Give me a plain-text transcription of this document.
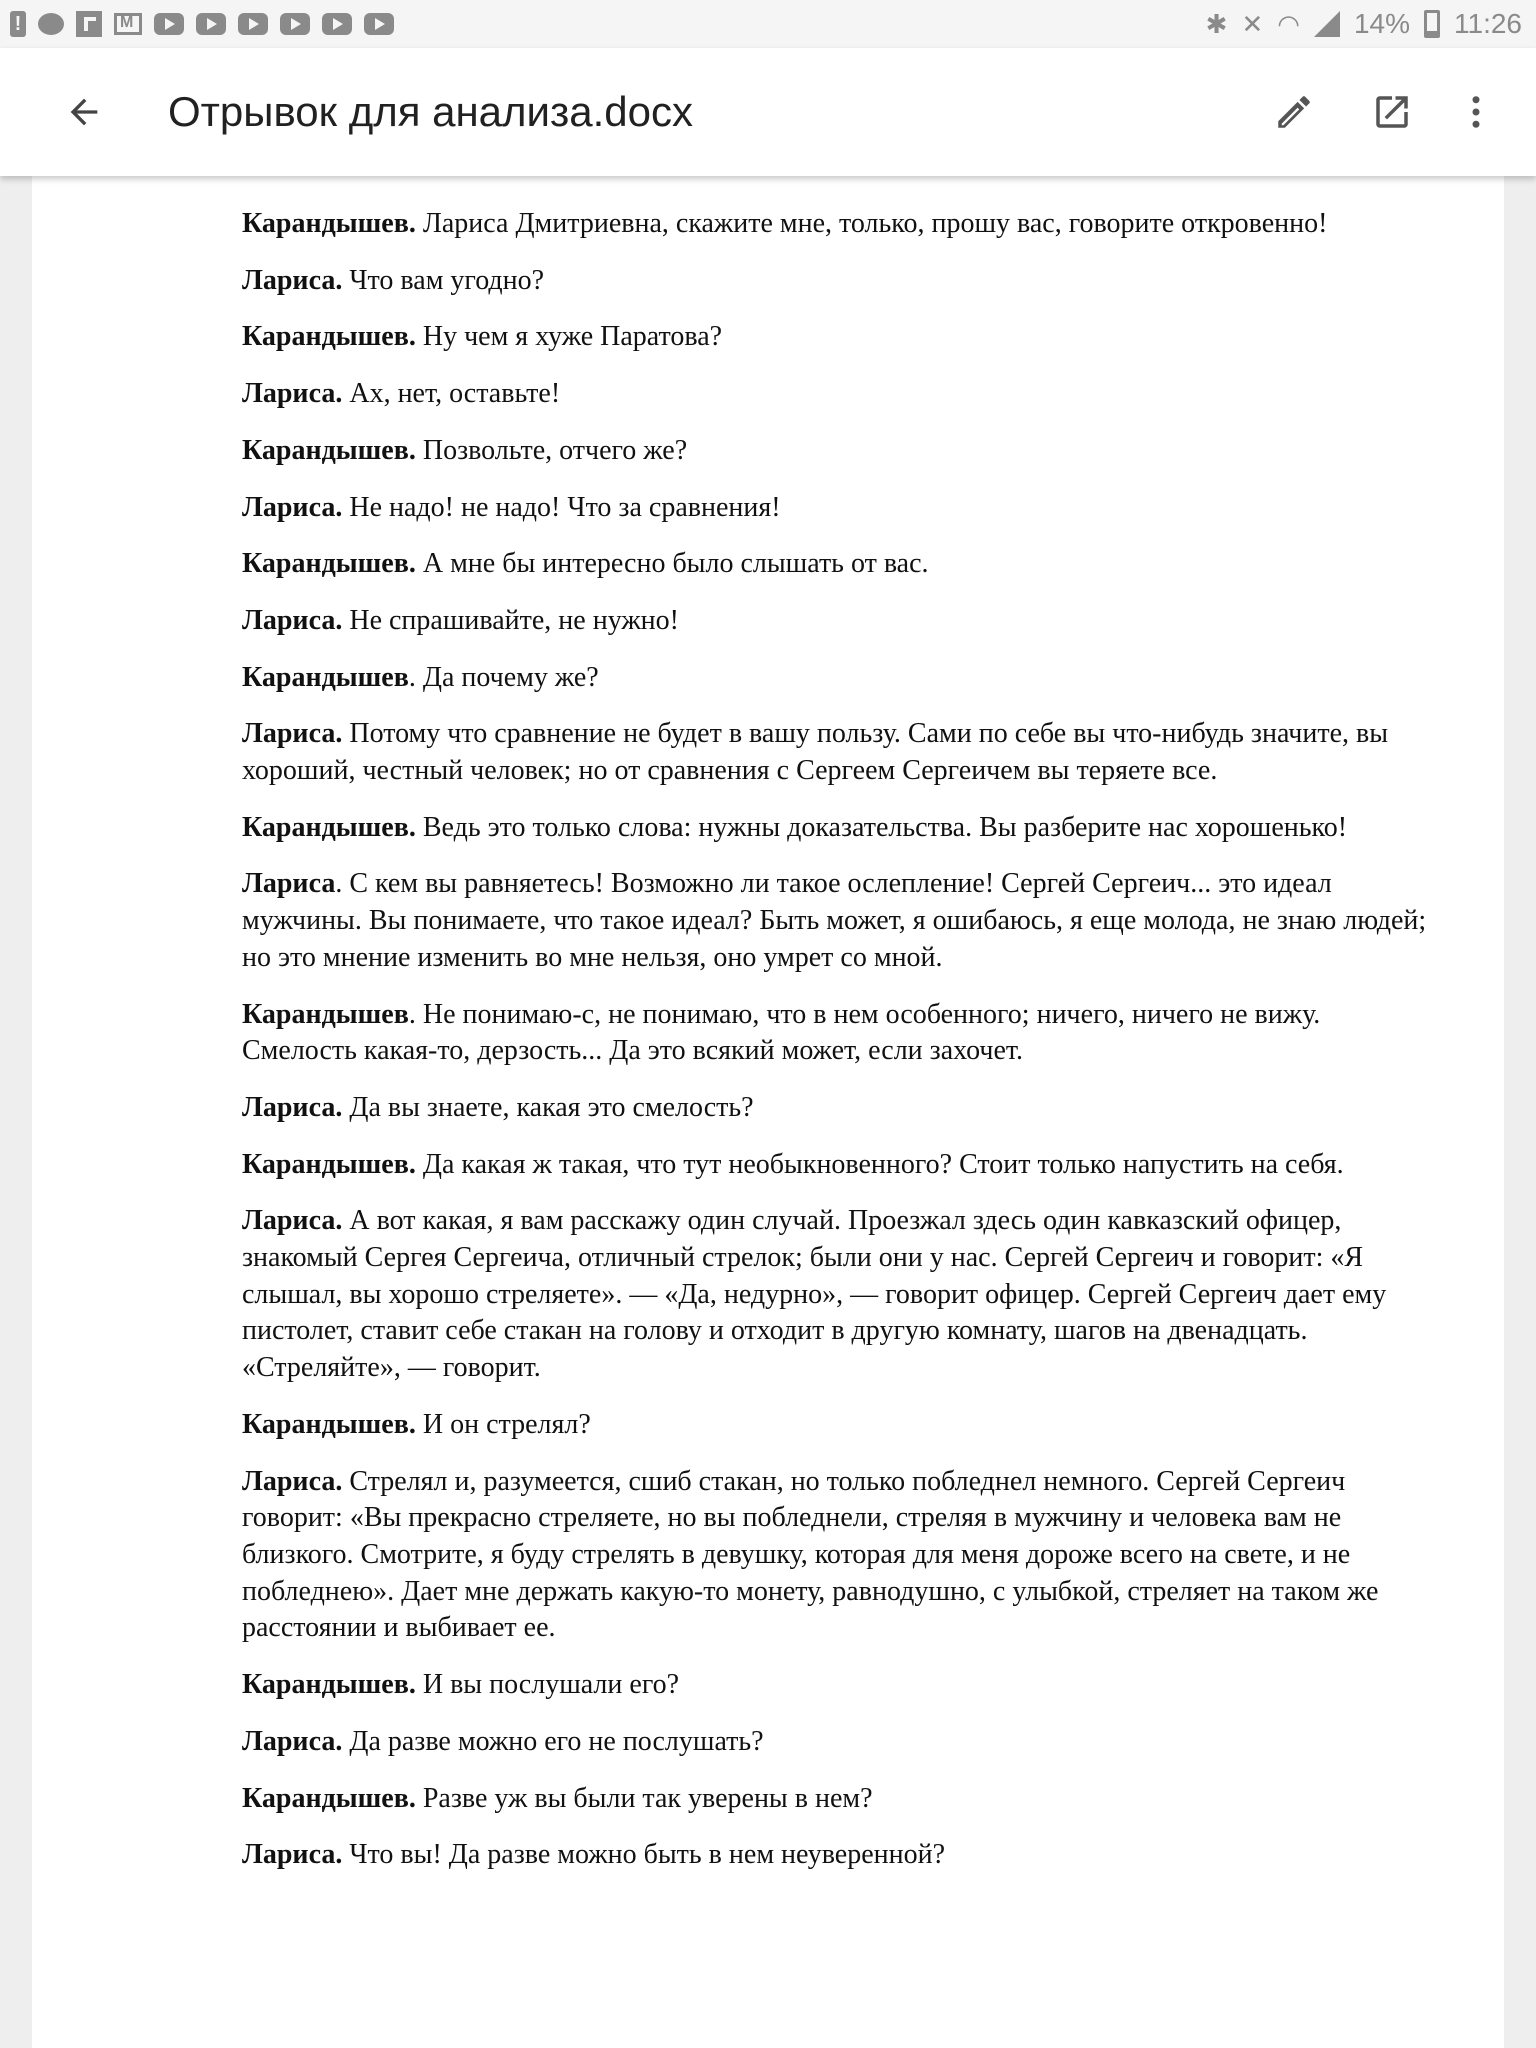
!
M
✱ ✕ ◠ 14% 11:26
Отрывок для анализа.docx

Карандышев. Лариса Дмитриевна, скажите мне, только, прошу вас, говорите откровенно!

Лариса. Что вам угодно?

Карандышев. Ну чем я хуже Паратова?

Лариса. Ах, нет, оставьте!

Карандышев. Позвольте, отчего же?

Лариса. Не надо! не надо! Что за сравнения!

Карандышев. А мне бы интересно было слышать от вас.

Лариса. Не спрашивайте, не нужно!

Карандышев. Да почему же?

Лариса. Потому что сравнение не будет в вашу пользу. Сами по себе вы что-нибудь значите, вы хороший, честный человек; но от сравнения с Сергеем Сергеичем вы теряете все.

Карандышев. Ведь это только слова: нужны доказательства. Вы разберите нас хорошенько!

Лариса. С кем вы равняетесь! Возможно ли такое ослепление! Сергей Сергеич... это идеал мужчины. Вы понимаете, что такое идеал? Быть может, я ошибаюсь, я еще молода, не знаю людей; но это мнение изменить во мне нельзя, оно умрет со мной.

Карандышев. Не понимаю-с, не понимаю, что в нем особенного; ничего, ничего не вижу. Смелость какая-то, дерзость... Да это всякий может, если захочет.

Лариса. Да вы знаете, какая это смелость?

Карандышев. Да какая ж такая, что тут необыкновенного? Стоит только напустить на себя.

Лариса. А вот какая, я вам расскажу один случай. Проезжал здесь один кавказский офицер, знакомый Сергея Сергеича, отличный стрелок; были они у нас. Сергей Сергеич и говорит: «Я слышал, вы хорошо стреляете». — «Да, недурно», — говорит офицер. Сергей Сергеич дает ему пистолет, ставит себе стакан на голову и отходит в другую комнату, шагов на двенадцать. «Стреляйте», — говорит.

Карандышев. И он стрелял?

Лариса. Стрелял и, разумеется, сшиб стакан, но только побледнел немного. Сергей Сергеич говорит: «Вы прекрасно стреляете, но вы побледнели, стреляя в мужчину и человека вам не близкого. Смотрите, я буду стрелять в девушку, которая для меня дороже всего на свете, и не побледнею». Дает мне держать какую-то монету, равнодушно, с улыбкой, стреляет на таком же расстоянии и выбивает ее.

Карандышев. И вы послушали его?

Лариса. Да разве можно его не послушать?

Карандышев. Разве уж вы были так уверены в нем?

Лариса. Что вы! Да разве можно быть в нем неуверенной?
